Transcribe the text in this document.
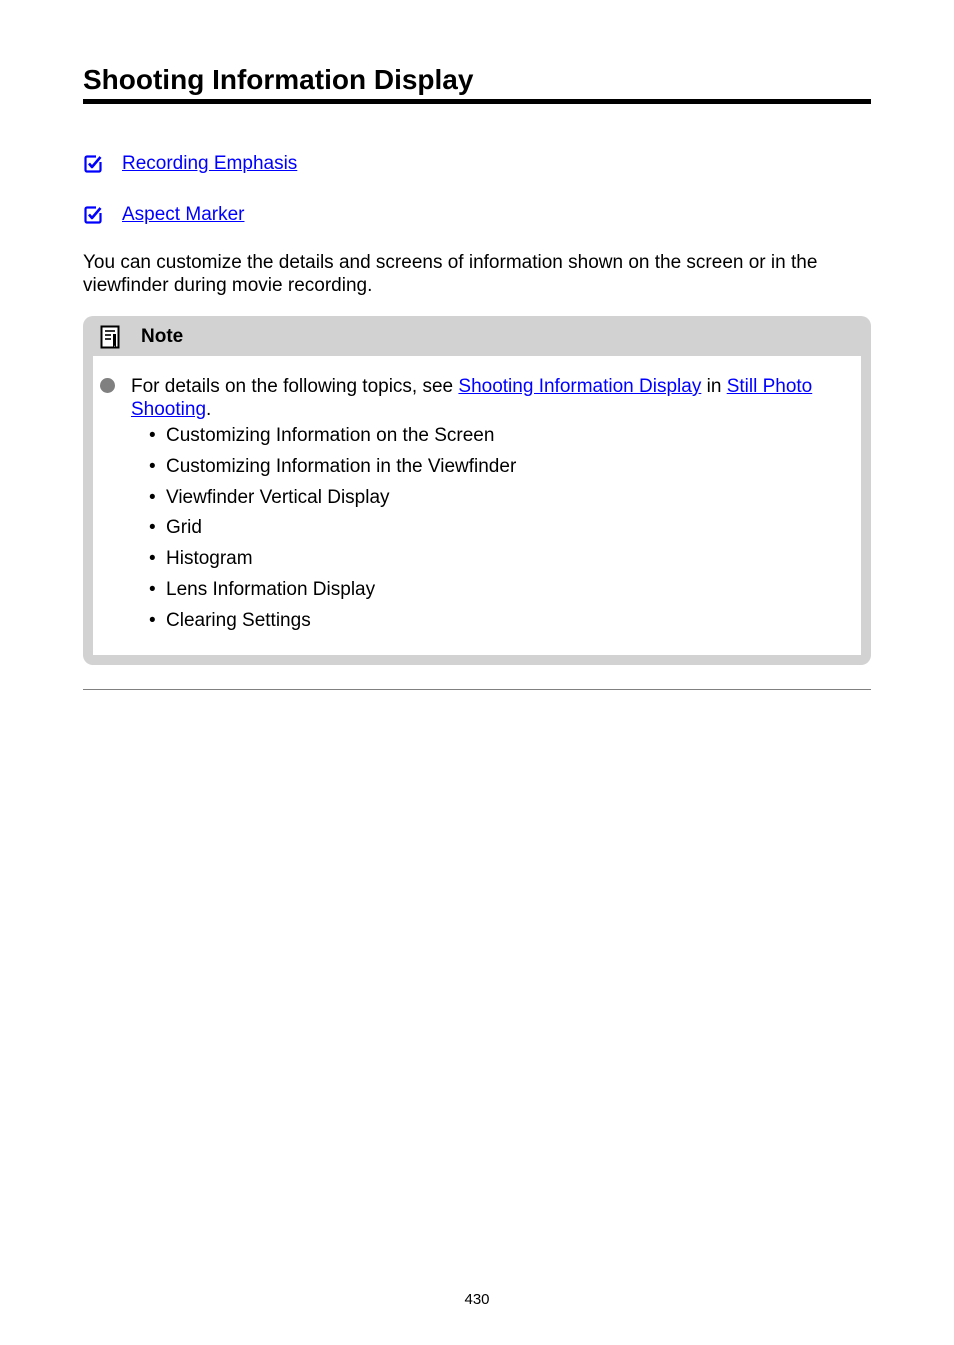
Shooting Information Display
Recording Emphasis
Aspect Marker

You can customize the details and screens of information shown on the screen or in the viewfinder during movie recording.

Note

For details on the following topics, see Shooting Information Display in Still Photo Shooting.

• Customizing Information on the Screen
• Customizing Information in the Viewfinder
• Viewfinder Vertical Display
• Grid
• Histogram
• Lens Information Display
• Clearing Settings
430
